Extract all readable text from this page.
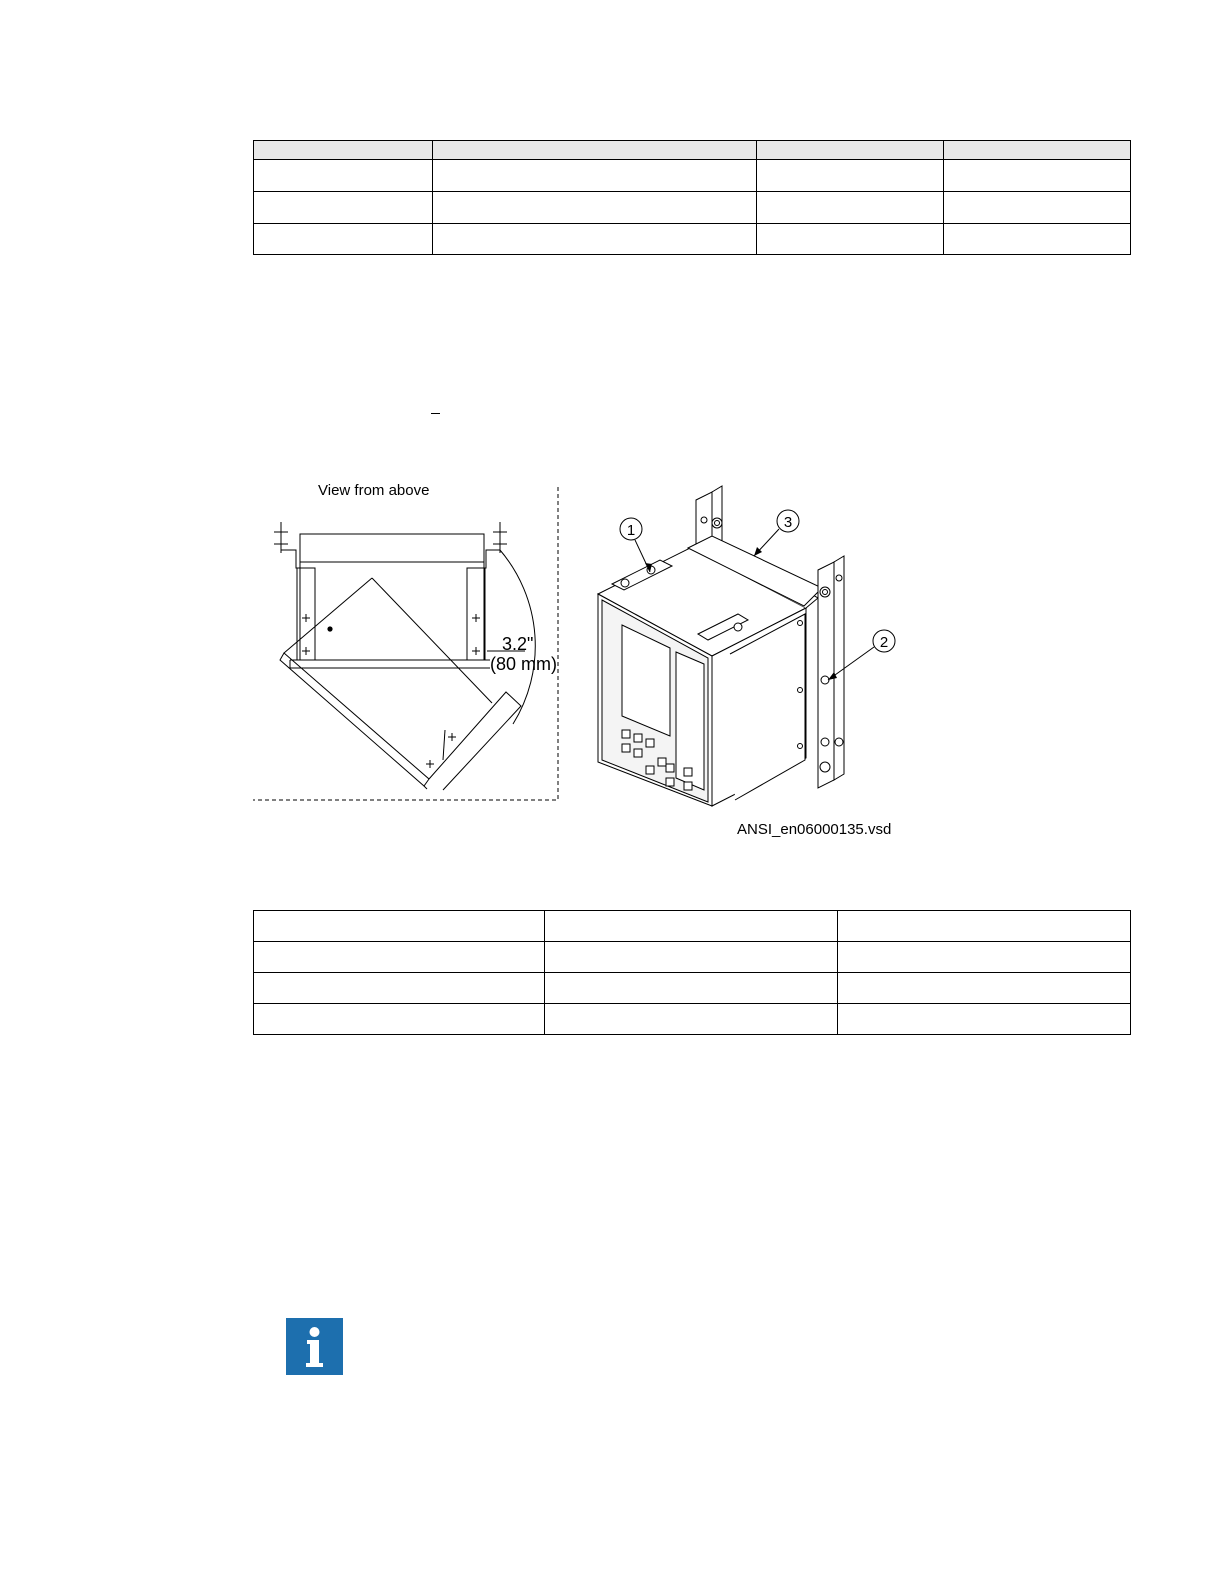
View from above
3.2"
(80 mm)
1	3
2
ANSI_en06000135.vsd
